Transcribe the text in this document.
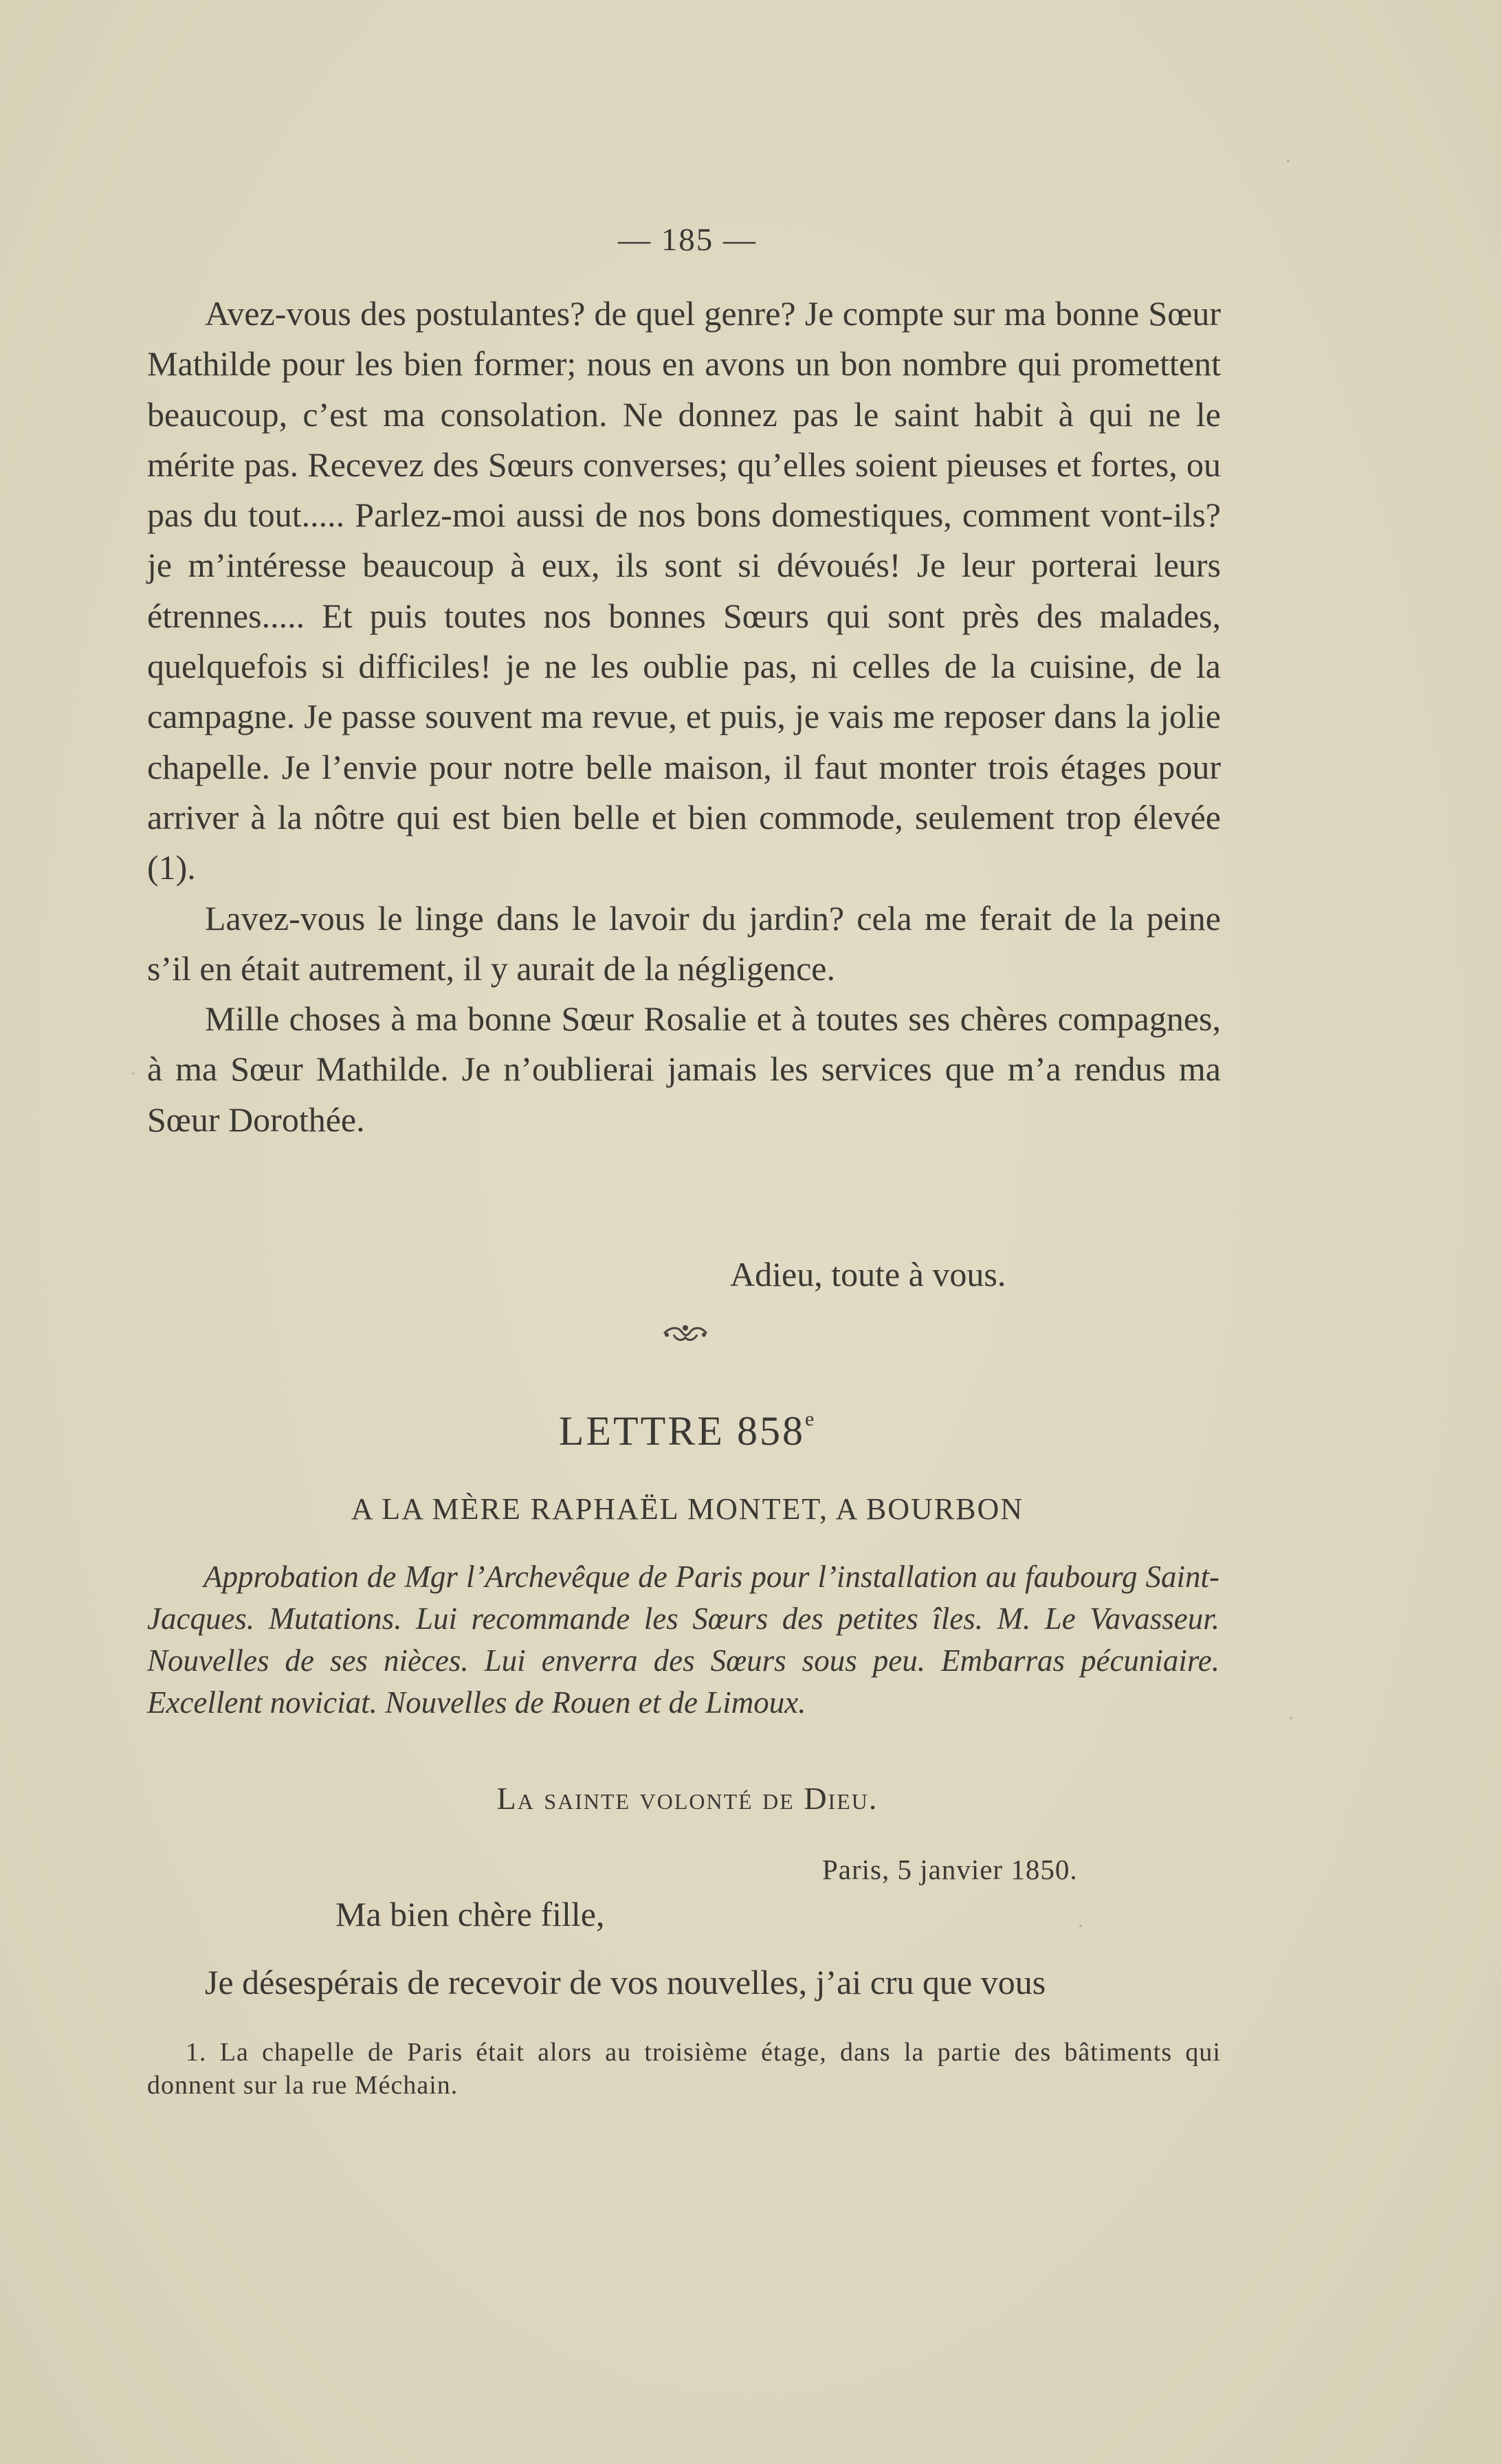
— 185 —

Avez-vous des postulantes? de quel genre? Je compte sur ma bonne Sœur Mathilde pour les bien former; nous en avons un bon nombre qui promettent beaucoup, c’est ma consolation. Ne donnez pas le saint habit à qui ne le mérite pas. Recevez des Sœurs converses; qu’elles soient pieuses et fortes, ou pas du tout..... Parlez-moi aussi de nos bons domestiques, comment vont-ils? je m’intéresse beaucoup à eux, ils sont si dévoués! Je leur porterai leurs étrennes..... Et puis toutes nos bonnes Sœurs qui sont près des malades, quelquefois si difficiles! je ne les oublie pas, ni celles de la cuisine, de la campagne. Je passe souvent ma revue, et puis, je vais me reposer dans la jolie chapelle. Je l’envie pour notre belle maison, il faut monter trois étages pour arriver à la nôtre qui est bien belle et bien commode, seulement trop élevée (1).

Lavez-vous le linge dans le lavoir du jardin? cela me ferait de la peine s’il en était autrement, il y aurait de la négligence.

Mille choses à ma bonne Sœur Rosalie et à toutes ses chères compagnes, à ma Sœur Mathilde. Je n’oublierai jamais les services que m’a rendus ma Sœur Dorothée.

Adieu, toute à vous.
LETTRE 858e
A LA MÈRE RAPHAËL MONTET, A BOURBON

Approbation de Mgr l’Archevêque de Paris pour l’installation au faubourg Saint-Jacques. Mutations. Lui recommande les Sœurs des petites îles. M. Le Vavasseur. Nouvelles de ses nièces. Lui enverra des Sœurs sous peu. Embarras pécuniaire. Excellent noviciat. Nouvelles de Rouen et de Limoux.

La sainte volonté de Dieu.
Paris, 5 janvier 1850.
Ma bien chère fille,

Je désespérais de recevoir de vos nouvelles, j’ai cru que vous

1. La chapelle de Paris était alors au troisième étage, dans la partie des bâtiments qui donnent sur la rue Méchain.
